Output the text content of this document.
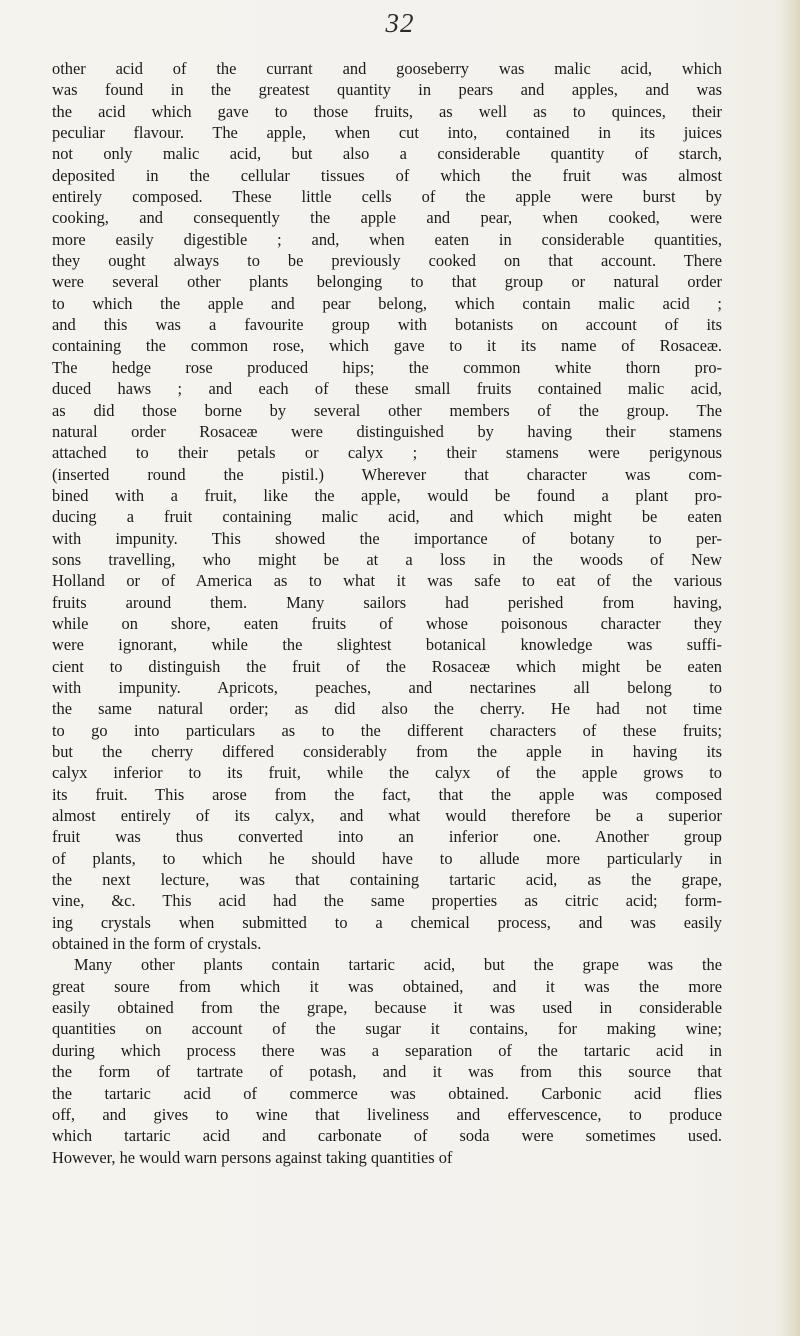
32

other acid of the currant and gooseberry was malic acid, which
was found in the greatest quantity in pears and apples, and was
the acid which gave to those fruits, as well as to quinces, their
peculiar flavour. The apple, when cut into, contained in its juices
not only malic acid, but also a considerable quantity of starch,
deposited in the cellular tissues of which the fruit was almost
entirely composed. These little cells of the apple were burst by
cooking, and consequently the apple and pear, when cooked, were
more easily digestible ; and, when eaten in considerable quantities,
they ought always to be previously cooked on that account. There
were several other plants belonging to that group or natural order
to which the apple and pear belong, which contain malic acid ;
and this was a favourite group with botanists on account of its
containing the common rose, which gave to it its name of Rosaceæ.
The hedge rose produced hips; the common white thorn pro-
duced haws ; and each of these small fruits contained malic acid,
as did those borne by several other members of the group. The
natural order Rosaceæ were distinguished by having their stamens
attached to their petals or calyx ; their stamens were perigynous
(inserted round the pistil.) Wherever that character was com-
bined with a fruit, like the apple, would be found a plant pro-
ducing a fruit containing malic acid, and which might be eaten
with impunity. This showed the importance of botany to per-
sons travelling, who might be at a loss in the woods of New
Holland or of America as to what it was safe to eat of the various
fruits around them. Many sailors had perished from having,
while on shore, eaten fruits of whose poisonous character they
were ignorant, while the slightest botanical knowledge was suffi-
cient to distinguish the fruit of the Rosaceæ which might be eaten
with impunity. Apricots, peaches, and nectarines all belong to
the same natural order; as did also the cherry. He had not time
to go into particulars as to the different characters of these fruits;
but the cherry differed considerably from the apple in having its
calyx inferior to its fruit, while the calyx of the apple grows to
its fruit. This arose from the fact, that the apple was composed
almost entirely of its calyx, and what would therefore be a superior
fruit was thus converted into an inferior one. Another group
of plants, to which he should have to allude more particularly in
the next lecture, was that containing tartaric acid, as the grape,
vine, &c. This acid had the same properties as citric acid; form-
ing crystals when submitted to a chemical process, and was easily
obtained in the form of crystals.

Many other plants contain tartaric acid, but the grape was the
great soure from which it was obtained, and it was the more
easily obtained from the grape, because it was used in considerable
quantities on account of the sugar it contains, for making wine;
during which process there was a separation of the tartaric acid in
the form of tartrate of potash, and it was from this source that
the tartaric acid of commerce was obtained. Carbonic acid flies
off, and gives to wine that liveliness and effervescence, to produce
which tartaric acid and carbonate of soda were sometimes used.
However, he would warn persons against taking quantities of
